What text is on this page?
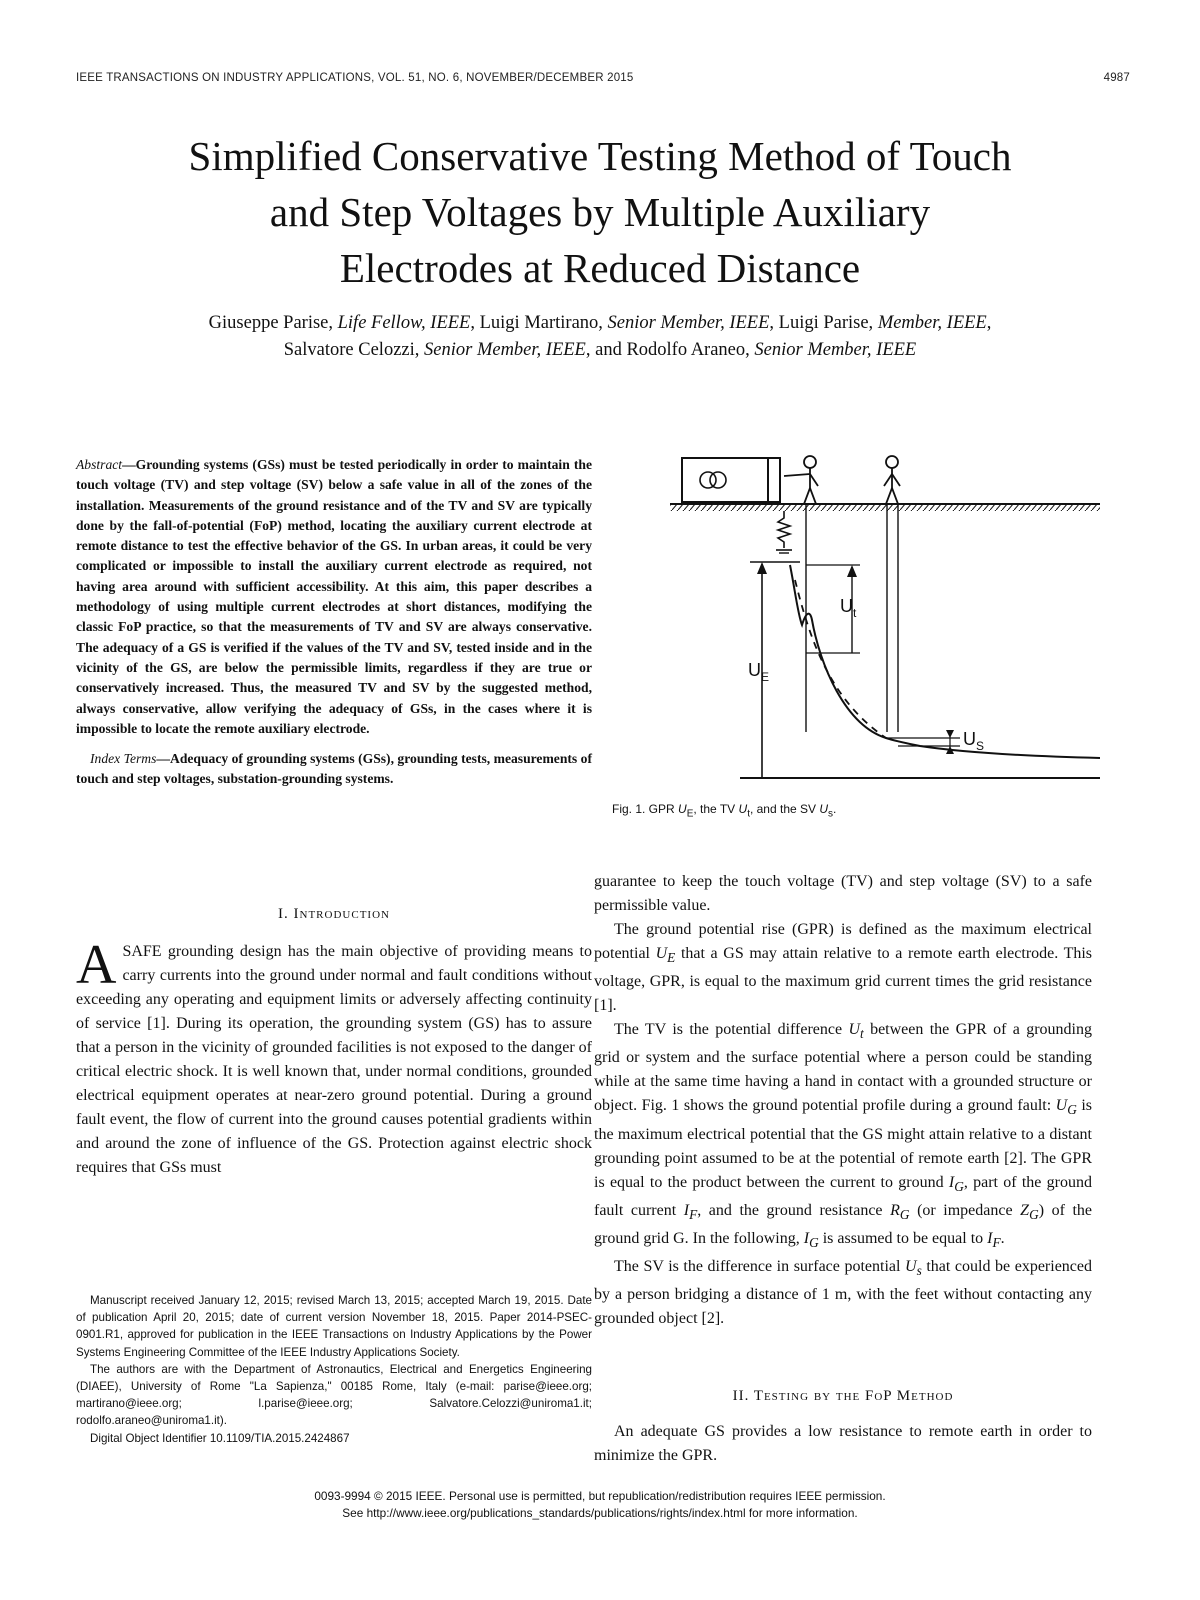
IEEE TRANSACTIONS ON INDUSTRY APPLICATIONS, VOL. 51, NO. 6, NOVEMBER/DECEMBER 2015	4987
Simplified Conservative Testing Method of Touch
and Step Voltages by Multiple Auxiliary
Electrodes at Reduced Distance
Giuseppe Parise, Life Fellow, IEEE, Luigi Martirano, Senior Member, IEEE, Luigi Parise, Member, IEEE,
Salvatore Celozzi, Senior Member, IEEE, and Rodolfo Araneo, Senior Member, IEEE

Abstract—Grounding systems (GSs) must be tested periodically in order to maintain the touch voltage (TV) and step voltage (SV) below a safe value in all of the zones of the installation. Measurements of the ground resistance and of the TV and SV are typically done by the fall-of-potential (FoP) method, locating the auxiliary current electrode at remote distance to test the effective behavior of the GS. In urban areas, it could be very complicated or impossible to install the auxiliary current electrode as required, not having area around with sufficient accessibility. At this aim, this paper describes a methodology of using multiple current electrodes at short distances, modifying the classic FoP practice, so that the measurements of TV and SV are always conservative. The adequacy of a GS is verified if the values of the TV and SV, tested inside and in the vicinity of the GS, are below the permissible limits, regardless if they are true or conservatively increased. Thus, the measured TV and SV by the suggested method, always conservative, allow verifying the adequacy of GSs, in the cases where it is impossible to locate the remote auxiliary electrode.

Index Terms—Adequacy of grounding systems (GSs), grounding tests, measurements of touch and step voltages, substation-grounding systems.

I. Introduction

ASAFE grounding design has the main objective of providing means to carry currents into the ground under normal and fault conditions without exceeding any operating and equipment limits or adversely affecting continuity of service [1]. During its operation, the grounding system (GS) has to assure that a person in the vicinity of grounded facilities is not exposed to the danger of critical electric shock. It is well known that, under normal conditions, grounded electrical equipment operates at near-zero ground potential. During a ground fault event, the flow of current into the ground causes potential gradients within and around the zone of influence of the GS. Protection against electric shock requires that GSs must

Manuscript received January 12, 2015; revised March 13, 2015; accepted March 19, 2015. Date of publication April 20, 2015; date of current version November 18, 2015. Paper 2014-PSEC-0901.R1, approved for publication in the IEEE Transactions on Industry Applications by the Power Systems Engineering Committee of the IEEE Industry Applications Society.

The authors are with the Department of Astronautics, Electrical and Energetics Engineering (DIAEE), University of Rome "La Sapienza," 00185 Rome, Italy (e-mail: parise@ieee.org; martirano@ieee.org; l.parise@ieee.org; Salvatore.Celozzi@uniroma1.it; rodolfo.araneo@uniroma1.it).

Digital Object Identifier 10.1109/TIA.2015.2424867

$U_t$
$U_E$
$U_S$
Fig. 1. GPR $U_E$, the TV $U_t$, and the SV $U_s$.

guarantee to keep the touch voltage (TV) and step voltage (SV) to a safe permissible value.

The ground potential rise (GPR) is defined as the maximum electrical potential $U_E$ that a GS may attain relative to a remote earth electrode. This voltage, GPR, is equal to the maximum grid current times the grid resistance [1].

The TV is the potential difference $U_t$ between the GPR of a grounding grid or system and the surface potential where a person could be standing while at the same time having a hand in contact with a grounded structure or object. Fig. 1 shows the ground potential profile during a ground fault: $U_G$ is the maximum electrical potential that the GS might attain relative to a distant grounding point assumed to be at the potential of remote earth [2]. The GPR is equal to the product between the current to ground $I_G$, part of the ground fault current $I_F$, and the ground resistance $R_G$ (or impedance $Z_G$) of the ground grid G. In the following, $I_G$ is assumed to be equal to $I_F$.

The SV is the difference in surface potential $U_s$ that could be experienced by a person bridging a distance of 1 m, with the feet without contacting any grounded object [2].

II. Testing by the FoP Method

An adequate GS provides a low resistance to remote earth in order to minimize the GPR.

0093-9994 © 2015 IEEE. Personal use is permitted, but republication/redistribution requires IEEE permission.
See http://www.ieee.org/publications_standards/publications/rights/index.html for more information.
